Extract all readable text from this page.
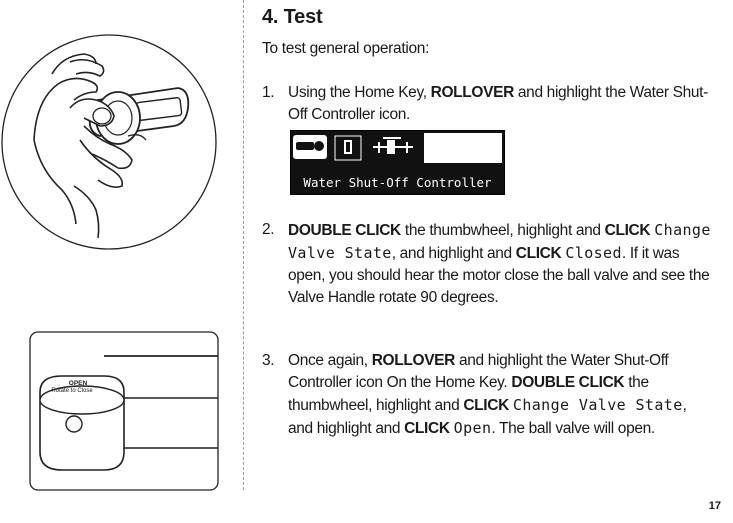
OPEN
Rotate to Close
4. Test

To test general operation:

1. Using the Home Key, ROLLOVER and highlight the Water Shut-Off Controller icon.
2. DOUBLE CLICK the thumbwheel, highlight and CLICK Change Valve State, and highlight and CLICK Closed. If it was open, you should hear the motor close the ball valve and see the Valve Handle rotate 90 degrees.
3. Once again, ROLLOVER and highlight the Water Shut-Off Controller icon On the Home Key. DOUBLE CLICK the thumbwheel, highlight and CLICK Change Valve State, and highlight and CLICK Open. The ball valve will open.
Water Shut-Off Controller
17
